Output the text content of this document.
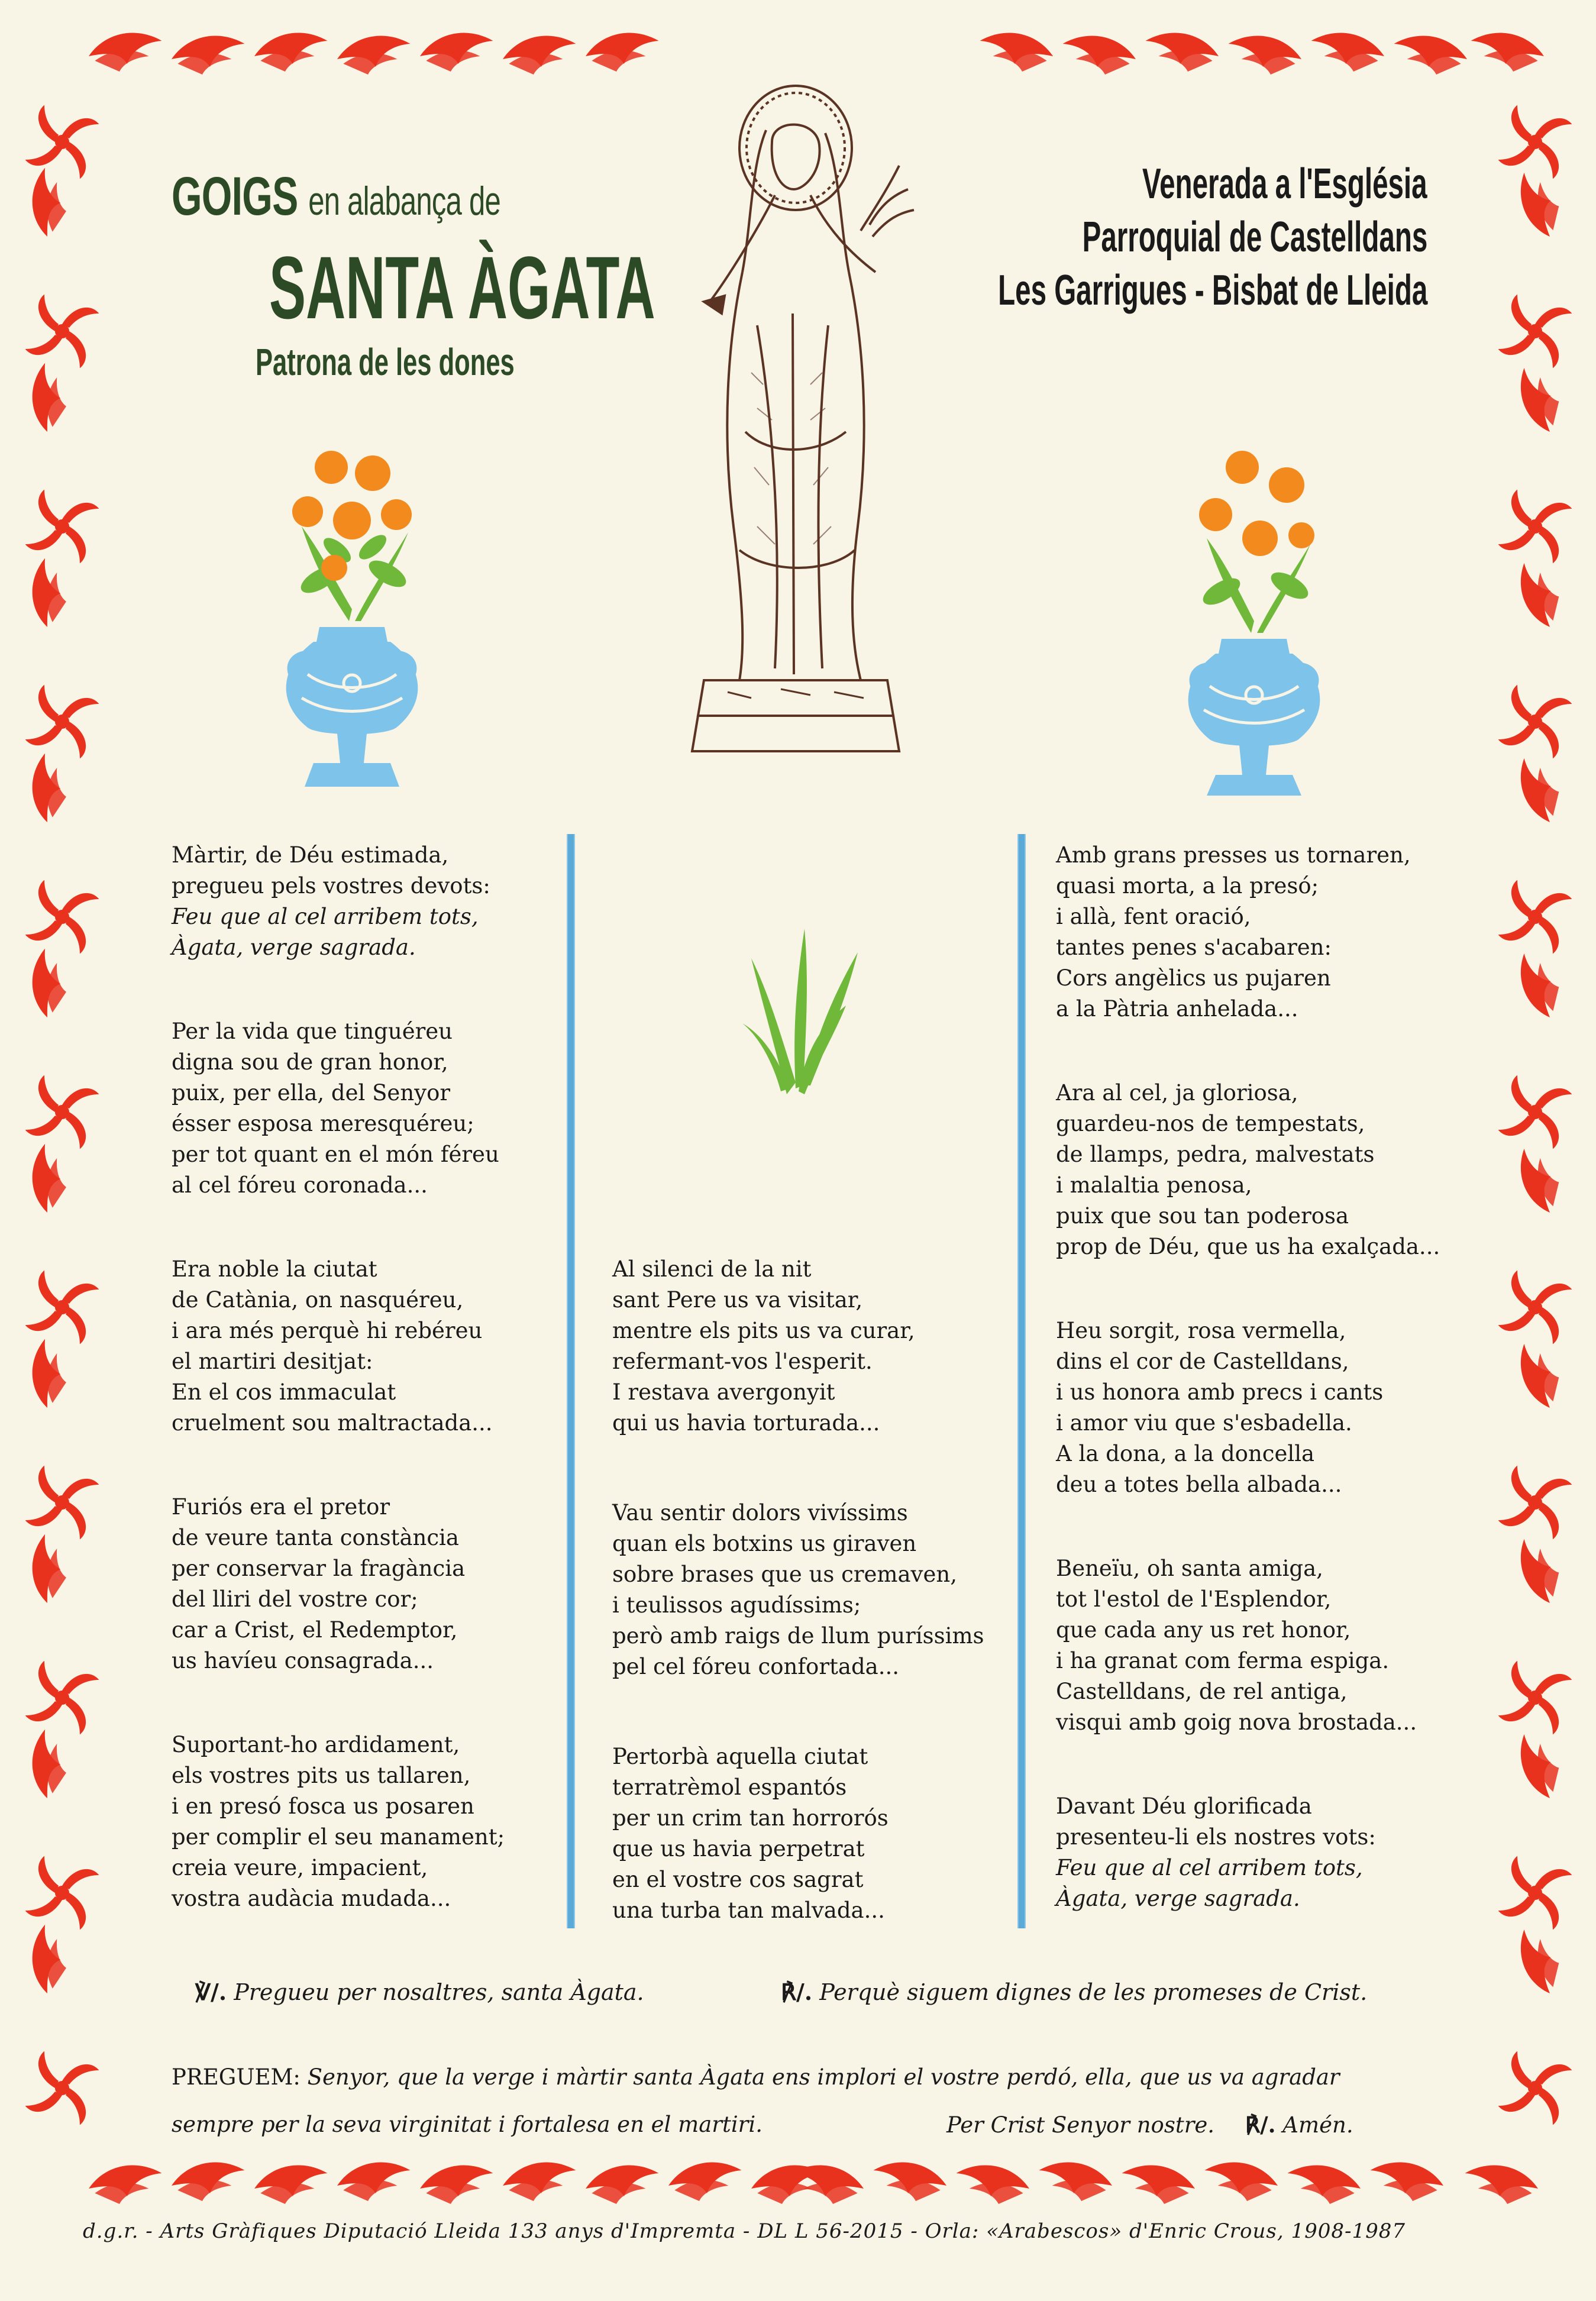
GOIGS en alabança de
SANTA ÀGATA
Patrona de les dones
Venerada a l'Església
Parroquial de Castelldans
Les Garrigues - Bisbat de Lleida
Màrtir, de Déu estimada,
pregueu pels vostres devots:
Feu que al cel arribem tots,
Àgata, verge sagrada.
Per la vida que tinguéreu
digna sou de gran honor,
puix, per ella, del Senyor
ésser esposa meresquéreu;
per tot quant en el món féreu
al cel fóreu coronada...
Era noble la ciutat
de Catània, on nasquéreu,
i ara més perquè hi rebéreu
el martiri desitjat:
En el cos immaculat
cruelment sou maltractada...
Furiós era el pretor
de veure tanta constància
per conservar la fragància
del lliri del vostre cor;
car a Crist, el Redemptor,
us havíeu consagrada...
Suportant-ho ardidament,
els vostres pits us tallaren,
i en presó fosca us posaren
per complir el seu manament;
creia veure, impacient,
vostra audàcia mudada...
Al silenci de la nit
sant Pere us va visitar,
mentre els pits us va curar,
refermant-vos l'esperit.
I restava avergonyit
qui us havia torturada...
Vau sentir dolors vivíssims
quan els botxins us giraven
sobre brases que us cremaven,
i teulissos agudíssims;
però amb raigs de llum puríssims
pel cel fóreu confortada...
Pertorbà aquella ciutat
terratrèmol espantós
per un crim tan horrorós
que us havia perpetrat
en el vostre cos sagrat
una turba tan malvada...
Amb grans presses us tornaren,
quasi morta, a la presó;
i allà, fent oració,
tantes penes s'acabaren:
Cors angèlics us pujaren
a la Pàtria anhelada...
Ara al cel, ja gloriosa,
guardeu-nos de tempestats,
de llamps, pedra, malvestats
i malaltia penosa,
puix que sou tan poderosa
prop de Déu, que us ha exalçada...
Heu sorgit, rosa vermella,
dins el cor de Castelldans,
i us honora amb precs i cants
i amor viu que s'esbadella.
A la dona, a la doncella
deu a totes bella albada...
Beneïu, oh santa amiga,
tot l'estol de l'Esplendor,
que cada any us ret honor,
i ha granat com ferma espiga.
Castelldans, de rel antiga,
visqui amb goig nova brostada...
Davant Déu glorificada
presenteu-li els nostres vots:
Feu que al cel arribem tots,
Àgata, verge sagrada.
℣/. Pregueu per nosaltres, santa Àgata.	℟/. Perquè siguem dignes de les promeses de Crist.
PREGUEM: Senyor, que la verge i màrtir santa Àgata ens implori el vostre perdó, ella, que us va agradar
sempre per la seva virginitat i fortalesa en el martiri.	Per Crist Senyor nostre. ℟/. Amén.
d.g.r. - Arts Gràfiques Diputació Lleida 133 anys d'Impremta - DL L 56-2015 - Orla: «Arabescos» d'Enric Crous, 1908-1987
